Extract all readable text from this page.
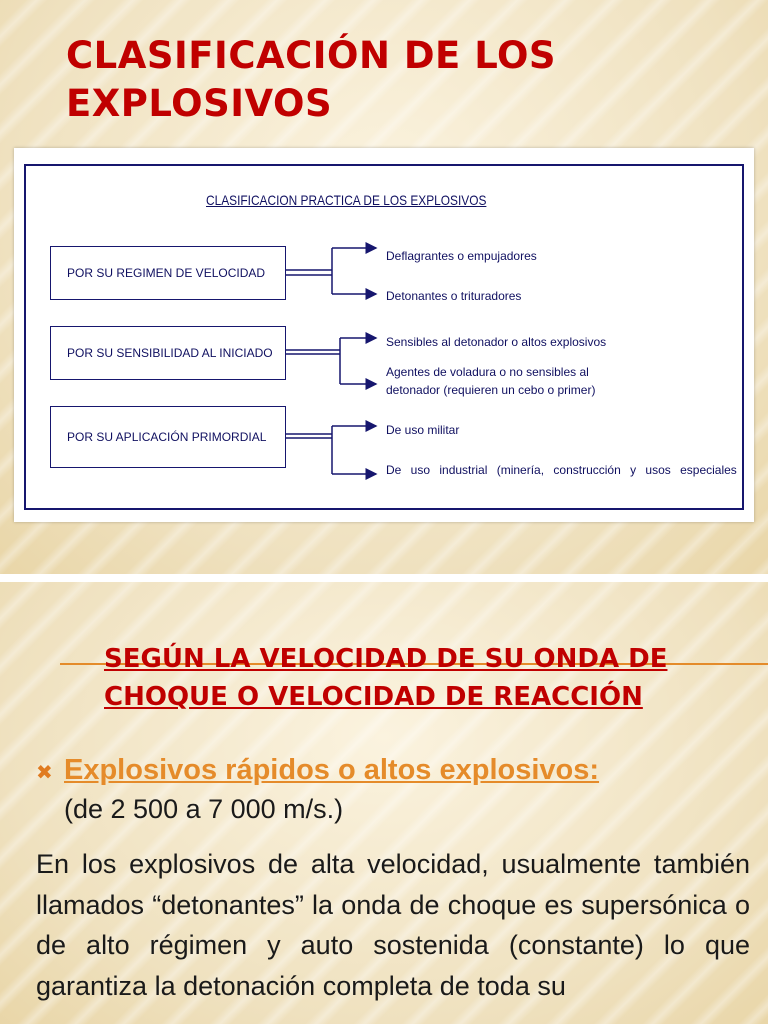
CLASIFICACIÓN DE LOS EXPLOSIVOS
CLASIFICACION PRACTICA DE LOS EXPLOSIVOS
POR SU REGIMEN DE VELOCIDAD
POR SU SENSIBILIDAD AL INICIADO
POR SU APLICACIÓN PRIMORDIAL
Deflagrantes o empujadores
Detonantes o trituradores
Sensibles al detonador o altos explosivos
Agentes de voladura o no sensibles al
detonador (requieren un cebo o primer)
De uso militar
De uso industrial (minería, construcción y usos especiales
SEGÚN LA VELOCIDAD DE SU ONDA DE CHOQUE O VELOCIDAD DE REACCIÓN
✖ Explosivos rápidos o altos explosivos:
(de 2 500 a 7 000 m/s.)

En los explosivos de alta velocidad, usualmente también llamados “detonantes” la onda de choque es supersónica o de alto régimen y auto sostenida (constante) lo que garantiza la detonación completa de toda su
